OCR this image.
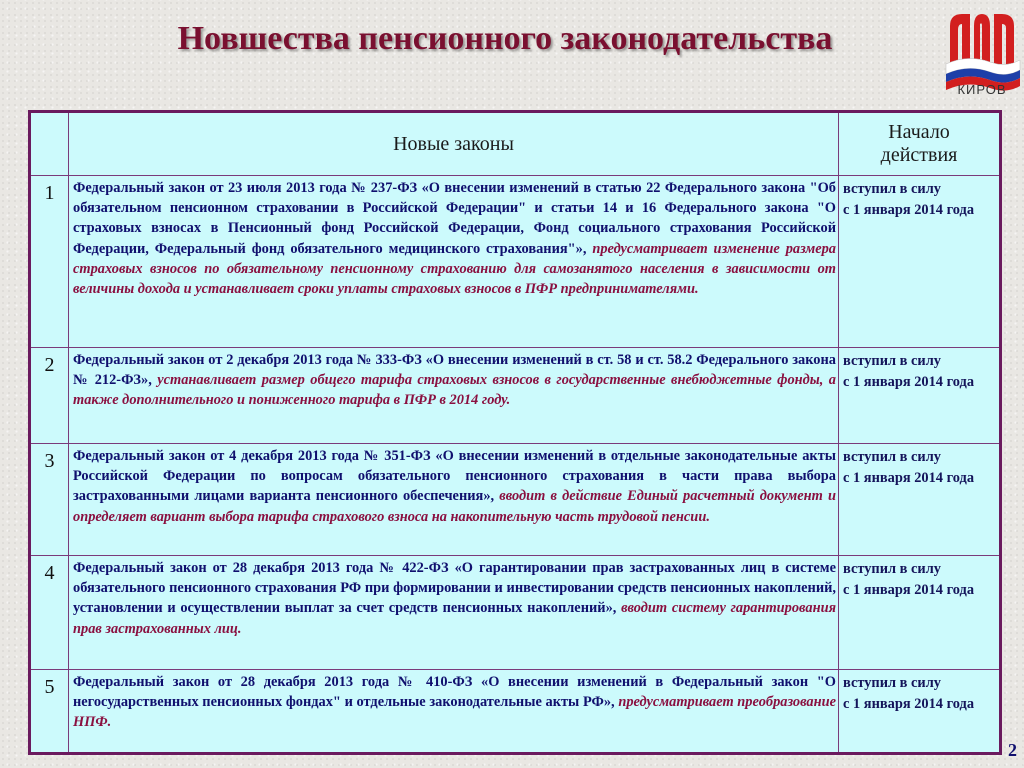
Новшества пенсионного законодательства
КИРОВ
	Новые законы	Начало
действия
1	Федеральный закон от 23 июля 2013 года № 237-ФЗ «О внесении изменений в статью 22 Федерального закона "Об обязательном пенсионном страховании в Российской Федерации" и статьи 14 и 16 Федерального закона "О страховых взносах в Пенсионный фонд Российской Федерации, Фонд социального страхования Российской Федерации, Федеральный фонд обязательного медицинского страхования"», предусматривает изменение размера страховых взносов по обязательному пенсионному страхованию для самозанятого населения в зависимости от величины дохода и устанавливает сроки уплаты страховых взносов в ПФР предпринимателями.	вступил в силу
с 1 января 2014 года

2	Федеральный закон от 2 декабря 2013 года № 333-ФЗ «О внесении изменений в ст. 58 и ст. 58.2 Федерального закона № 212-ФЗ», устанавливает размер общего тарифа страховых взносов в государственные внебюджетные фонды, а также дополнительного и пониженного тарифа в ПФР в 2014 году.	вступил в силу
с 1 января 2014 года

3	Федеральный закон от 4 декабря 2013 года № 351-ФЗ «О внесении изменений в отдельные законодательные акты Российской Федерации по вопросам обязательного пенсионного страхования в части права выбора застрахованными лицами варианта пенсионного обеспечения», вводит в действие Единый расчетный документ и определяет вариант выбора тарифа страхового взноса на накопительную часть трудовой пенсии.	вступил в силу
с 1 января 2014 года

4	Федеральный закон от 28 декабря 2013 года № 422-ФЗ «О гарантировании прав застрахованных лиц в системе обязательного пенсионного страхования РФ при формировании и инвестировании средств пенсионных накоплений, установлении и осуществлении выплат за счет средств пенсионных накоплений», вводит систему гарантирования прав застрахованных лиц.	вступил в силу
с 1 января 2014 года

5	Федеральный закон от 28 декабря 2013 года № 410-ФЗ «О внесении изменений в Федеральный закон "О негосударственных пенсионных фондах" и отдельные законодательные акты РФ», предусматривает преобразование НПФ.	вступил в силу
с 1 января 2014 года
2
